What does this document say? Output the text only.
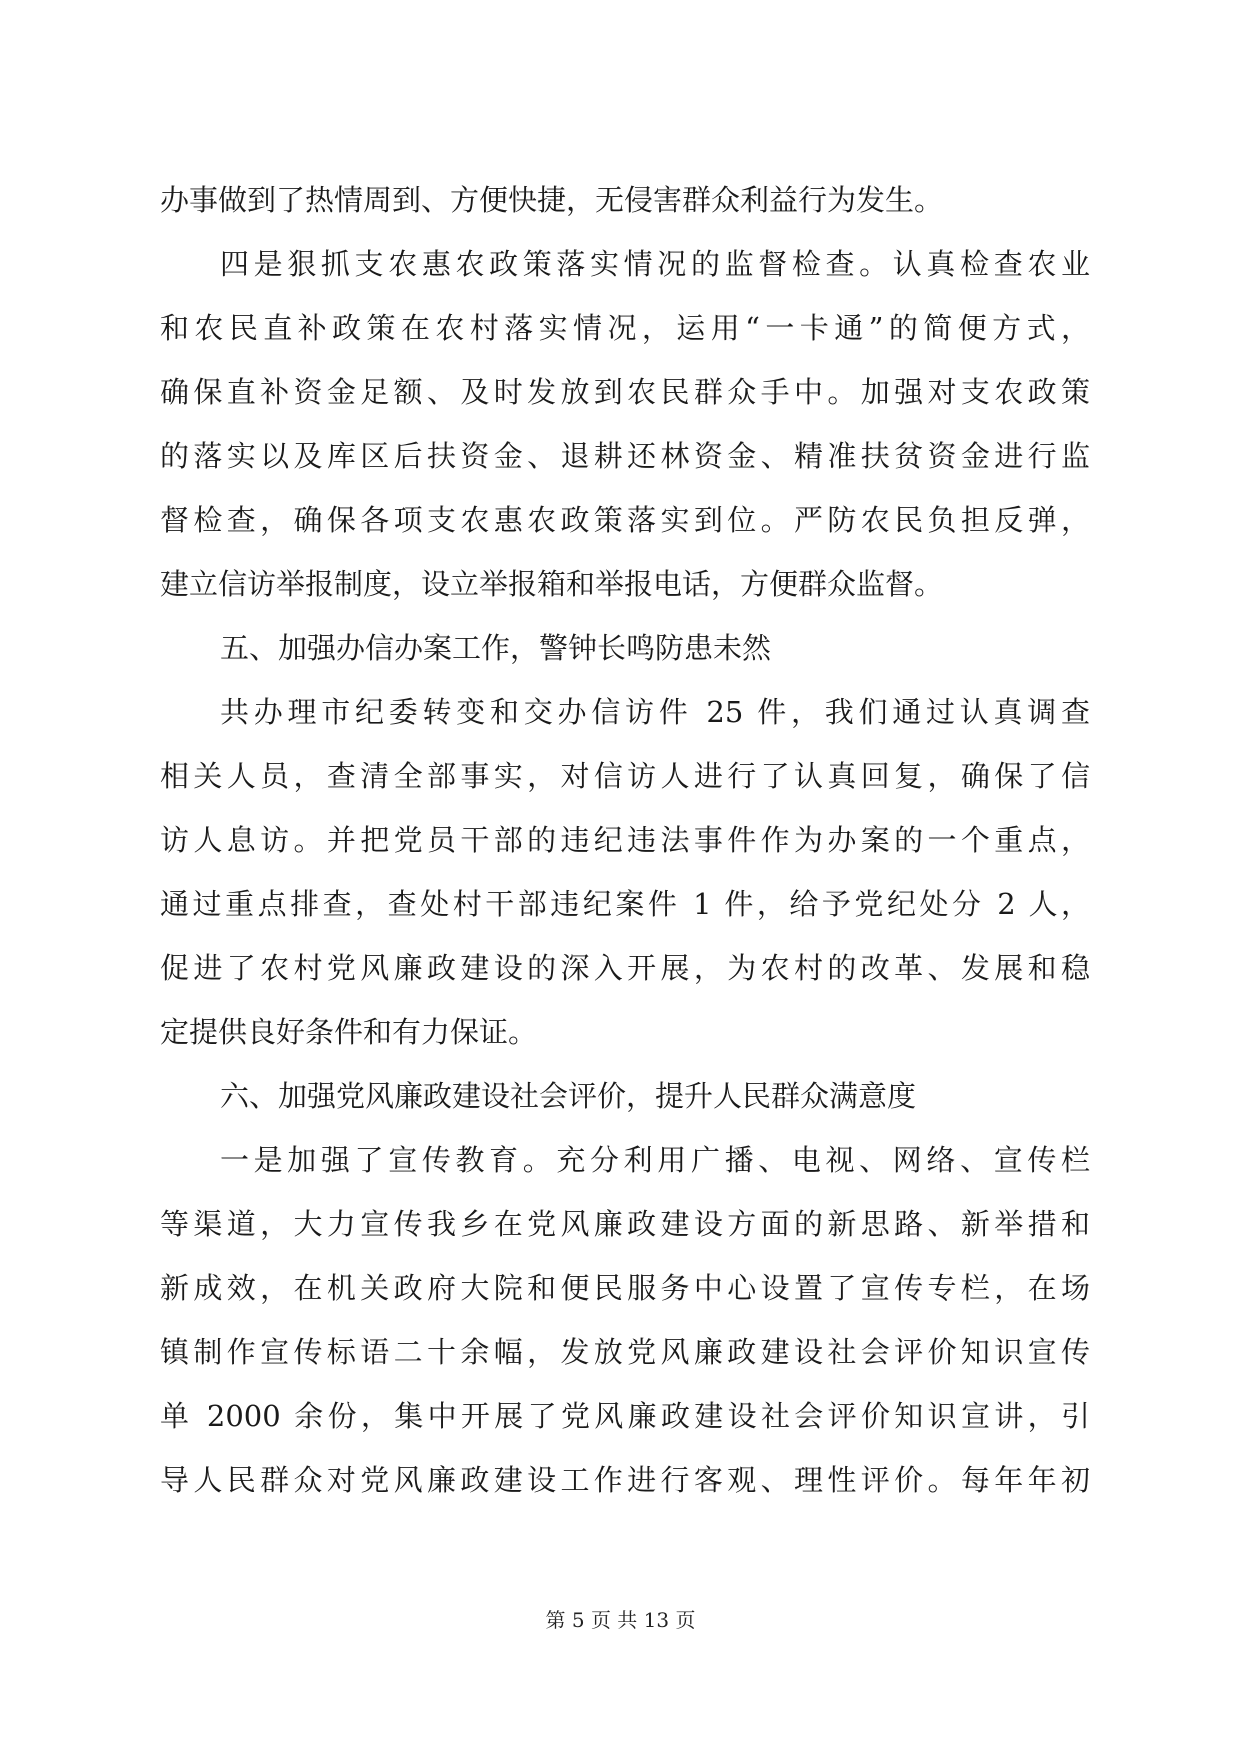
办事做到了热情周到、方便快捷，无侵害群众利益行为发生。
四是狠抓支农惠农政策落实情况的监督检查。认真检查农业
和农民直补政策在农村落实情况，运用“一卡通”的简便方式，
确保直补资金足额、及时发放到农民群众手中。加强对支农政策
的落实以及库区后扶资金、退耕还林资金、精准扶贫资金进行监
督检查，确保各项支农惠农政策落实到位。严防农民负担反弹，
建立信访举报制度，设立举报箱和举报电话，方便群众监督。
五、加强办信办案工作，警钟长鸣防患未然
共办理市纪委转变和交办信访件 25 件，我们通过认真调查
相关人员，查清全部事实，对信访人进行了认真回复，确保了信
访人息访。并把党员干部的违纪违法事件作为办案的一个重点，
通过重点排查，查处村干部违纪案件 1 件，给予党纪处分 2 人，
促进了农村党风廉政建设的深入开展，为农村的改革、发展和稳
定提供良好条件和有力保证。
六、加强党风廉政建设社会评价，提升人民群众满意度
一是加强了宣传教育。充分利用广播、电视、网络、宣传栏
等渠道，大力宣传我乡在党风廉政建设方面的新思路、新举措和
新成效，在机关政府大院和便民服务中心设置了宣传专栏，在场
镇制作宣传标语二十余幅，发放党风廉政建设社会评价知识宣传
单 2000 余份，集中开展了党风廉政建设社会评价知识宣讲，引
导人民群众对党风廉政建设工作进行客观、理性评价。每年年初
第 5 页 共 13 页
